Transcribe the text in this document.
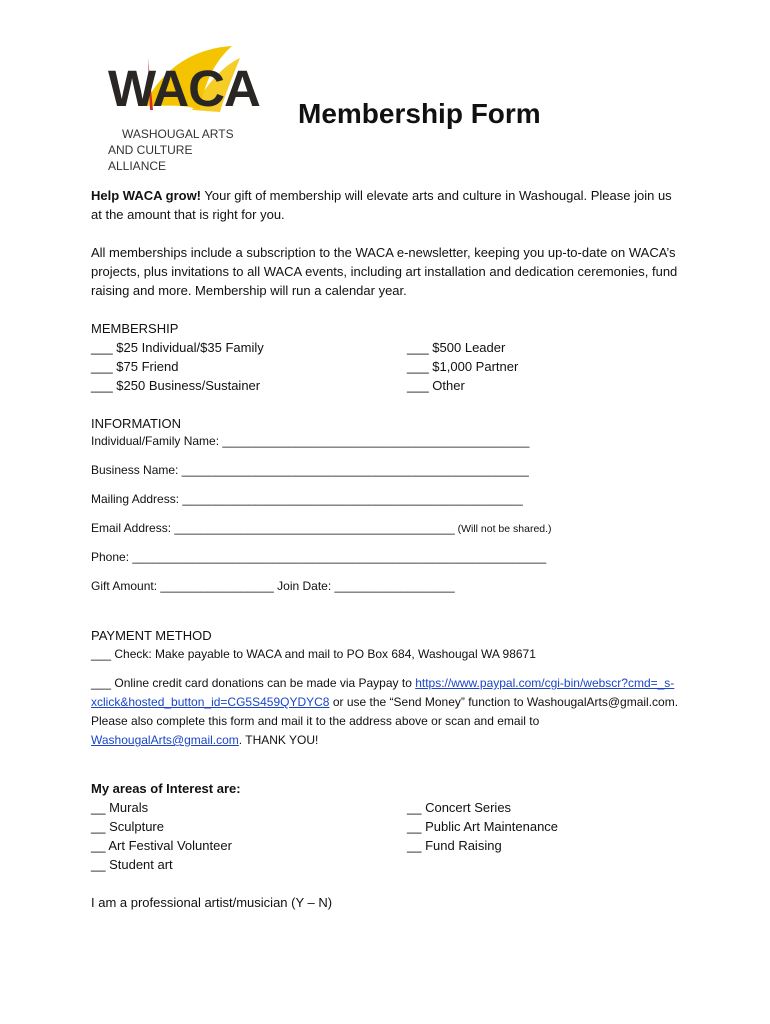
WACA
WASHOUGAL ARTS
AND CULTURE ALLIANCE
Membership Form
Help WACA grow! Your gift of membership will elevate arts and culture in Washougal. Please join us at the amount that is right for you.
All memberships include a subscription to the WACA e-newsletter, keeping you up-to-date on WACA’s projects, plus invitations to all WACA events, including art installation and dedication ceremonies, fund raising and more. Membership will run a calendar year.
MEMBERSHIP
___ $25 Individual/$35 Family	___ $500 Leader
___ $75 Friend	___ $1,000 Partner
___ $250 Business/Sustainer	___ Other
INFORMATION
Individual/Family Name: ______________________________________________
Business Name: ____________________________________________________
Mailing Address: ___________________________________________________
Email Address: __________________________________________ (Will not be shared.)
Phone: ______________________________________________________________
Gift Amount: _________________ Join Date: __________________
PAYMENT METHOD
___ Check: Make payable to WACA and mail to PO Box 684, Washougal WA 98671
___ Online credit card donations can be made via Paypay to https://www.paypal.com/cgi-bin/webscr?cmd=_s-xclick&hosted_button_id=CG5S459QYDYC8 or use the “Send Money” function to WashougalArts@gmail.com. Please also complete this form and mail it to the address above or scan and email to WashougalArts@gmail.com. THANK YOU!
My areas of Interest are:
__ Murals	__ Concert Series
__ Sculpture	__ Public Art Maintenance
__ Art Festival Volunteer	__ Fund Raising
__ Student art
I am a professional artist/musician (Y – N)
